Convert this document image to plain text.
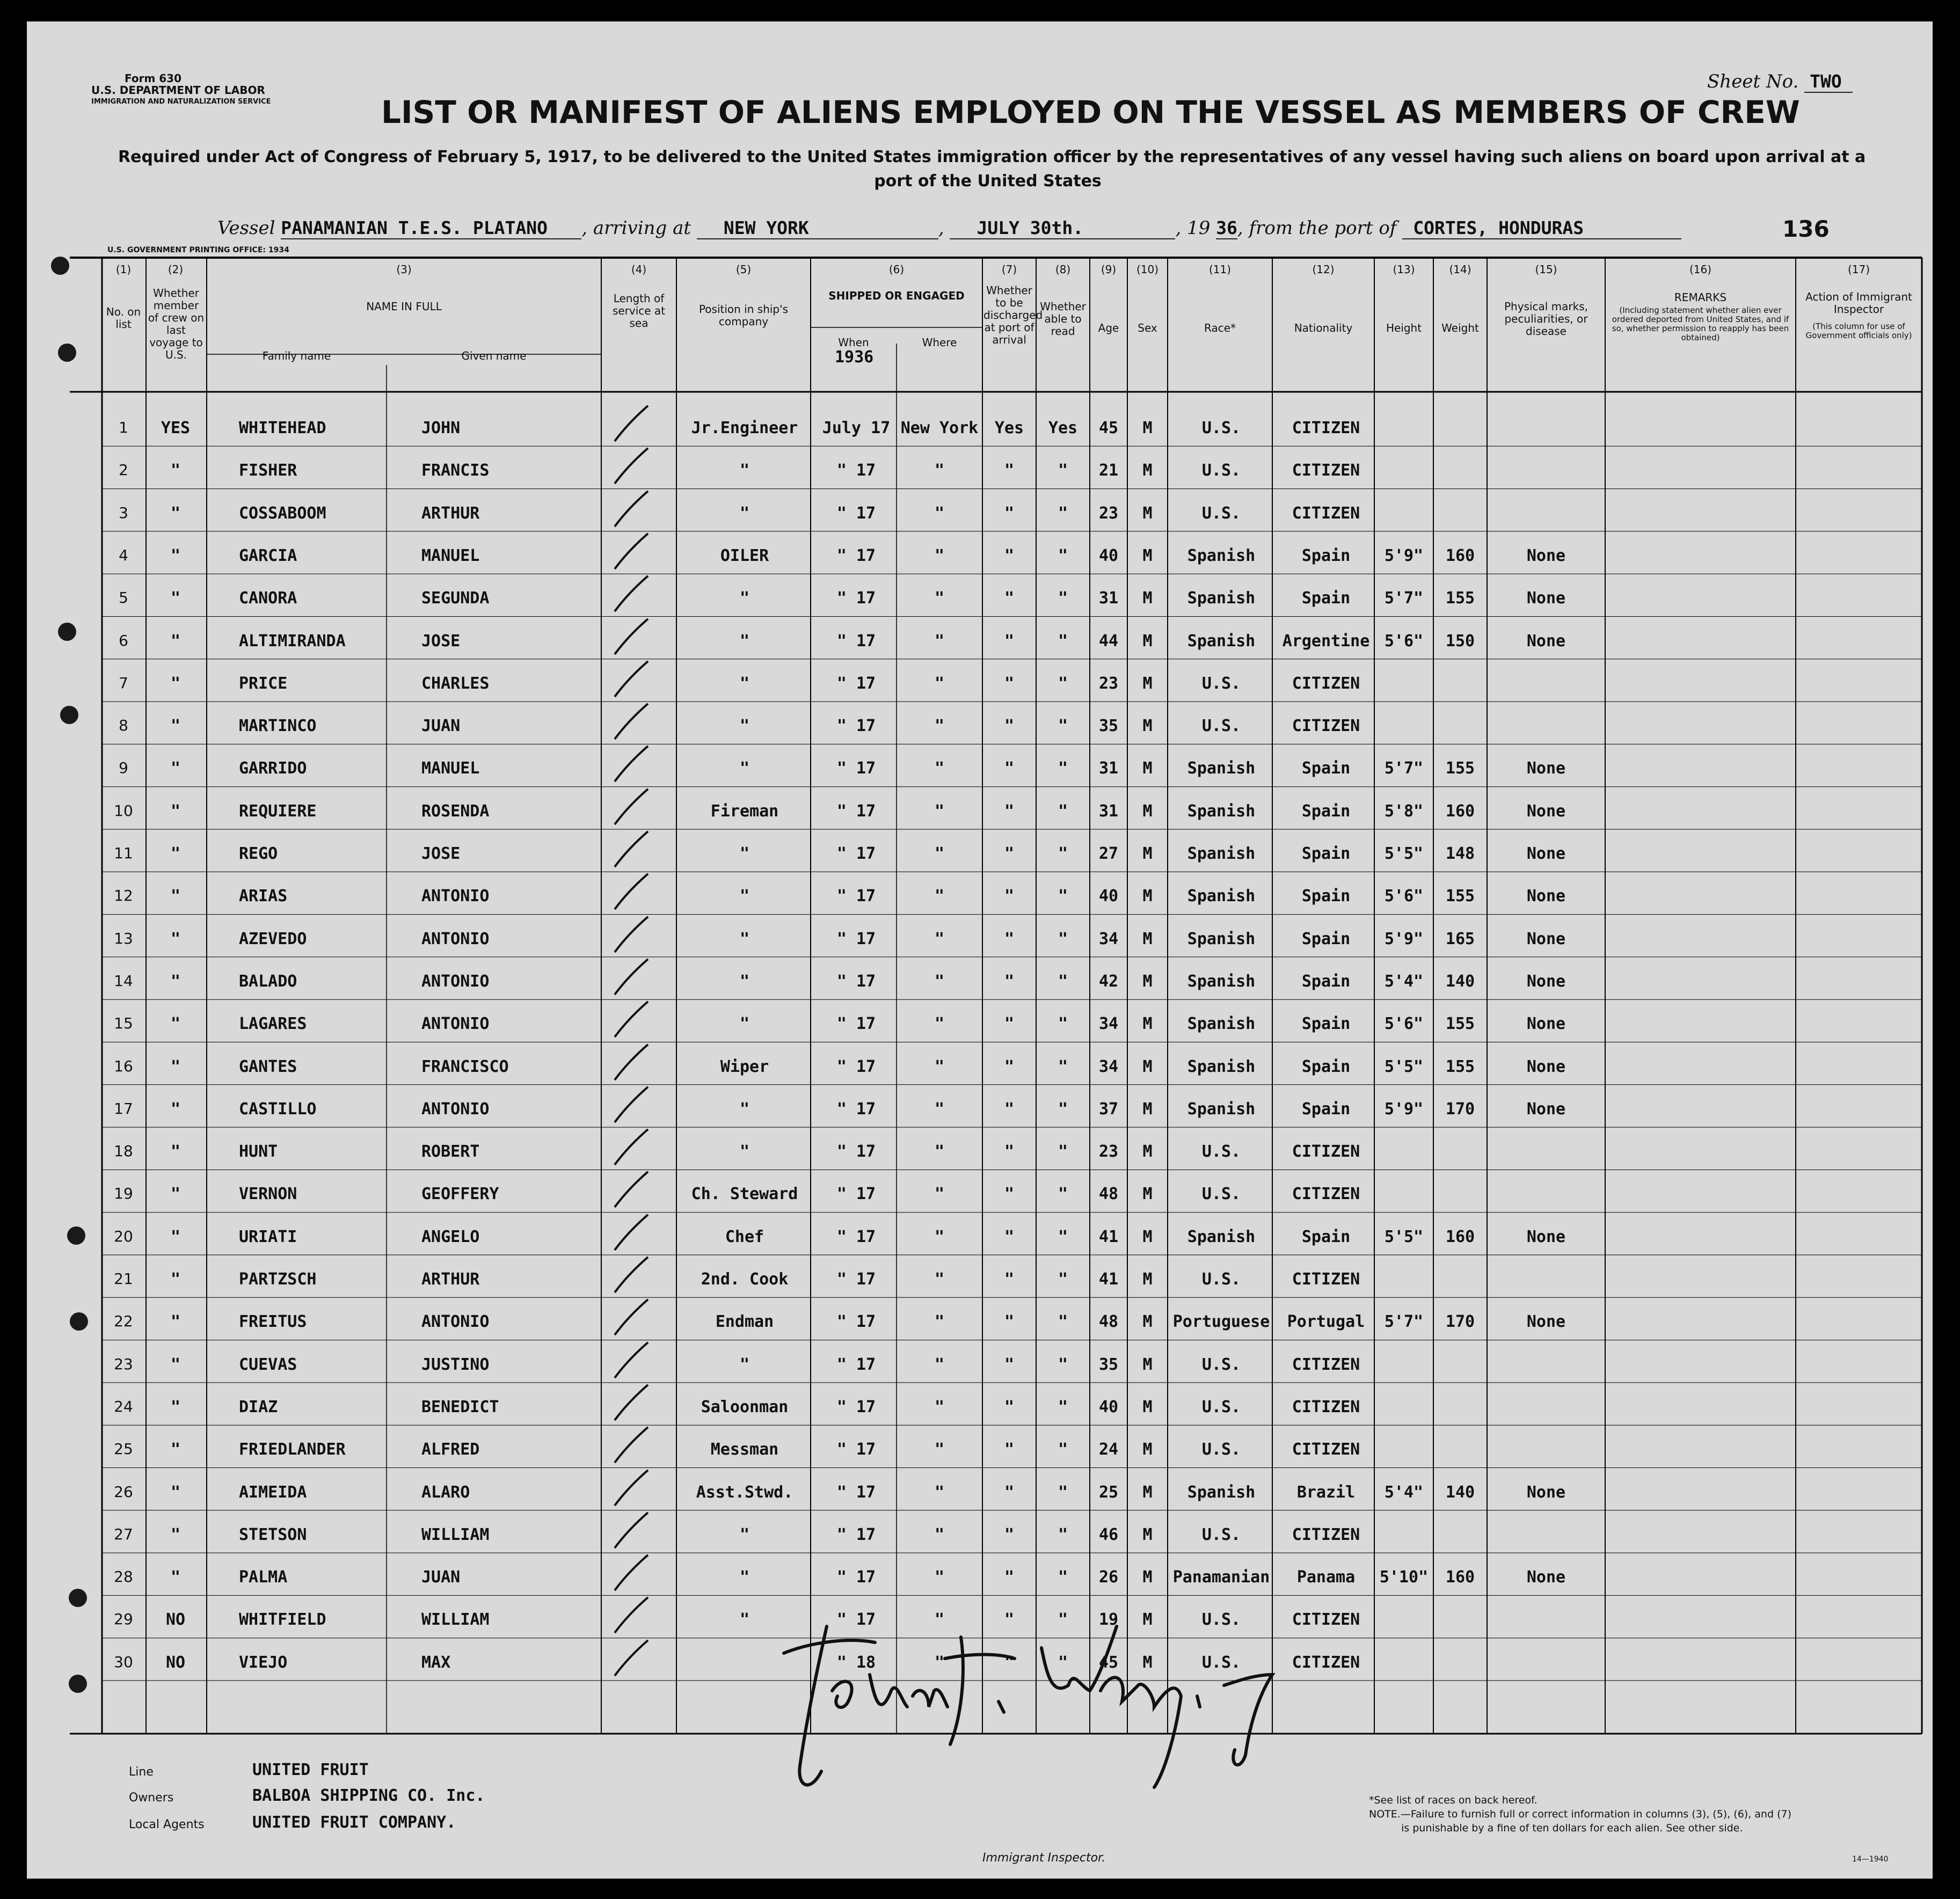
Form 630
U.S. DEPARTMENT OF LABOR
IMMIGRATION AND NATURALIZATION SERVICE
Sheet No. TWO
LIST OR MANIFEST OF ALIENS EMPLOYED ON THE VESSEL AS MEMBERS OF CREW
Required under Act of Congress of February 5, 1917, to be delivered to the United States immigration officer by the representatives of any vessel having such aliens on board upon arrival at a
port of the United States
Vessel PANAMANIAN T.E.S. PLATANO , arriving at NEW YORK	, JULY 30th.	, 19 36, from the port of CORTES, HONDURAS	136
U.S. GOVERNMENT PRINTING OFFICE: 1934
(1)
No. on list
(2)
Whether member of crew on last voyage to U.S.
(3)
NAME IN FULL
Family name	Given name
(4)
Length of service at sea
(5)
Position in ship's company
(6)
SHIPPED OR ENGAGED
When	Where
1936
(7)
Whether to be discharged at port of arrival
(8)
Whether able to read
(9)
Age
(10)
Sex
(11)
Race*
(12)
Nationality
(13)
Height
(14)
Weight
(15)
Physical marks, peculiarities, or disease
(16)
REMARKS
(Including statement whether alien ever ordered deported from United States, and if so, whether permission to reapply has been obtained)
(17)
Action of Immigrant Inspector
(This column for use of Government officials only)
1	YES	WHITEHEAD	JOHN	Jr.Engineer	July 17 New York	Yes	Yes	45	M	U.S.	CITIZEN
2	"	FISHER	FRANCIS	"	" 17	"	"	"	21	M	U.S.	CITIZEN
3	"	COSSABOOM	ARTHUR	"	" 17	"	"	"	23	M	U.S.	CITIZEN
4	"	GARCIA	MANUEL	OILER	" 17	"	"	"	40	M	Spanish	Spain	5'9"	160	None
5	"	CANORA	SEGUNDA	"	" 17	"	"	"	31	M	Spanish	Spain	5'7"	155	None
6	"	ALTIMIRANDA	JOSE	"	" 17	"	"	"	44	M	Spanish	Argentine 5'6"	150	None
7	"	PRICE	CHARLES	"	" 17	"	"	"	23	M	U.S.	CITIZEN
8	"	MARTINCO	JUAN	"	" 17	"	"	"	35	M	U.S.	CITIZEN
9	"	GARRIDO	MANUEL	"	" 17	"	"	"	31	M	Spanish	Spain	5'7"	155	None
10	"	REQUIERE	ROSENDA	Fireman	" 17	"	"	"	31	M	Spanish	Spain	5'8"	160	None
11	"	REGO	JOSE	"	" 17	"	"	"	27	M	Spanish	Spain	5'5"	148	None
12	"	ARIAS	ANTONIO	"	" 17	"	"	"	40	M	Spanish	Spain	5'6"	155	None
13	"	AZEVEDO	ANTONIO	"	" 17	"	"	"	34	M	Spanish	Spain	5'9"	165	None
14	"	BALADO	ANTONIO	"	" 17	"	"	"	42	M	Spanish	Spain	5'4"	140	None
15	"	LAGARES	ANTONIO	"	" 17	"	"	"	34	M	Spanish	Spain	5'6"	155	None
16	"	GANTES	FRANCISCO	Wiper	" 17	"	"	"	34	M	Spanish	Spain	5'5"	155	None
17	"	CASTILLO	ANTONIO	"	" 17	"	"	"	37	M	Spanish	Spain	5'9"	170	None
18	"	HUNT	ROBERT	"	" 17	"	"	"	23	M	U.S.	CITIZEN
19	"	VERNON	GEOFFERY	Ch. Steward	" 17	"	"	"	48	M	U.S.	CITIZEN
20	"	URIATI	ANGELO	Chef	" 17	"	"	"	41	M	Spanish	Spain	5'5"	160	None
21	"	PARTZSCH	ARTHUR	2nd. Cook	" 17	"	"	"	41	M	U.S.	CITIZEN
22	"	FREITUS	ANTONIO	Endman	" 17	"	"	"	48	M	Portuguese	Portugal	5'7"	170	None
23	"	CUEVAS	JUSTINO	"	" 17	"	"	"	35	M	U.S.	CITIZEN
24	"	DIAZ	BENEDICT	Saloonman	" 17	"	"	"	40	M	U.S.	CITIZEN
25	"	FRIEDLANDER	ALFRED	Messman	" 17	"	"	"	24	M	U.S.	CITIZEN
26	"	AIMEIDA	ALARO	Asst.Stwd.	" 17	"	"	"	25	M	Spanish	Brazil	5'4"	140	None
27	"	STETSON	WILLIAM	"	" 17	"	"	"	46	M	U.S.	CITIZEN
28	"	PALMA	JUAN	"	" 17	"	"	"	26	M	Panamanian	Panama	5'10"	160	None
29	NO	WHITFIELD	WILLIAM	"	" 17	"	"	"	19	M	U.S.	CITIZEN
30	NO	VIEJO	MAX	" 18	"	"	"	45	M	U.S.	CITIZEN
Line	UNITED FRUIT
Owners	BALBOA SHIPPING CO. Inc.
Local Agents	UNITED FRUIT COMPANY.
Immigrant Inspector.
*See list of races on back hereof.
NOTE.—Failure to furnish full or correct information in columns (3), (5), (6), and (7)
is punishable by a fine of ten dollars for each alien. See other side.
14—1940
